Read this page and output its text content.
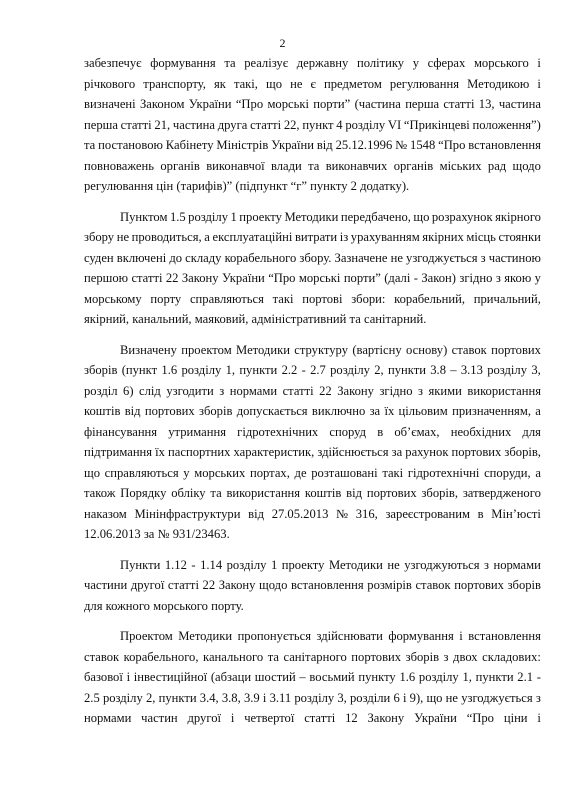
2
забезпечує формування та реалізує державну політику у сферах морського і
річкового транспорту, як такі, що не є предметом регулювання Методикою і
визначені Законом України “Про морські порти” (частина перша статті 13, частина
перша статті 21, частина друга статті 22, пункт 4 розділу VI “Прикінцеві положення”)
та постановою Кабінету Міністрів України від 25.12.1996 № 1548 “Про встановлення
повноважень органів виконавчої влади та виконавчих органів міських рад щодо
регулювання цін (тарифів)” (підпункт “г” пункту 2 додатку).
Пунктом 1.5 розділу 1 проекту Методики передбачено, що розрахунок якірного
збору не проводиться, а експлуатаційні витрати із урахуванням якірних місць стоянки
суден включені до складу корабельного збору. Зазначене не узгоджується з частиною
першою статті 22 Закону України “Про морські порти” (далі - Закон) згідно з якою у
морському порту справляються такі портові збори: корабельний, причальний,
якірний, канальний, маяковий, адміністративний та санітарний.
Визначену проектом Методики структуру (вартісну основу) ставок портових
зборів (пункт 1.6 розділу 1, пункти 2.2 - 2.7 розділу 2, пункти 3.8 – 3.13 розділу 3,
розділ 6) слід узгодити з нормами статті 22 Закону згідно з якими використання
коштів від портових зборів допускається виключно за їх цільовим призначенням, а
фінансування утримання гідротехнічних споруд в об’ємах, необхідних для
підтримання їх паспортних характеристик, здійснюється за рахунок портових зборів,
що справляються у морських портах, де розташовані такі гідротехнічні споруди, а
також Порядку обліку та використання коштів від портових зборів, затвердженого
наказом Мінінфраструктури від 27.05.2013 № 316, зареєстрованим в Мін’юсті
12.06.2013 за № 931/23463.
Пункти 1.12 - 1.14 розділу 1 проекту Методики не узгоджуються з нормами
частини другої статті 22 Закону щодо встановлення розмірів ставок портових зборів
для кожного морського порту.
Проектом Методики пропонується здійснювати формування і встановлення
ставок корабельного, канального та санітарного портових зборів з двох складових:
базової і інвестиційної (абзаци шостий – восьмий пункту 1.6 розділу 1, пункти 2.1 -
2.5 розділу 2, пункти 3.4, 3.8, 3.9 і 3.11 розділу 3, розділи 6 і 9), що не узгоджується з
нормами частин другої і четвертої статті 12 Закону України “Про ціни і
